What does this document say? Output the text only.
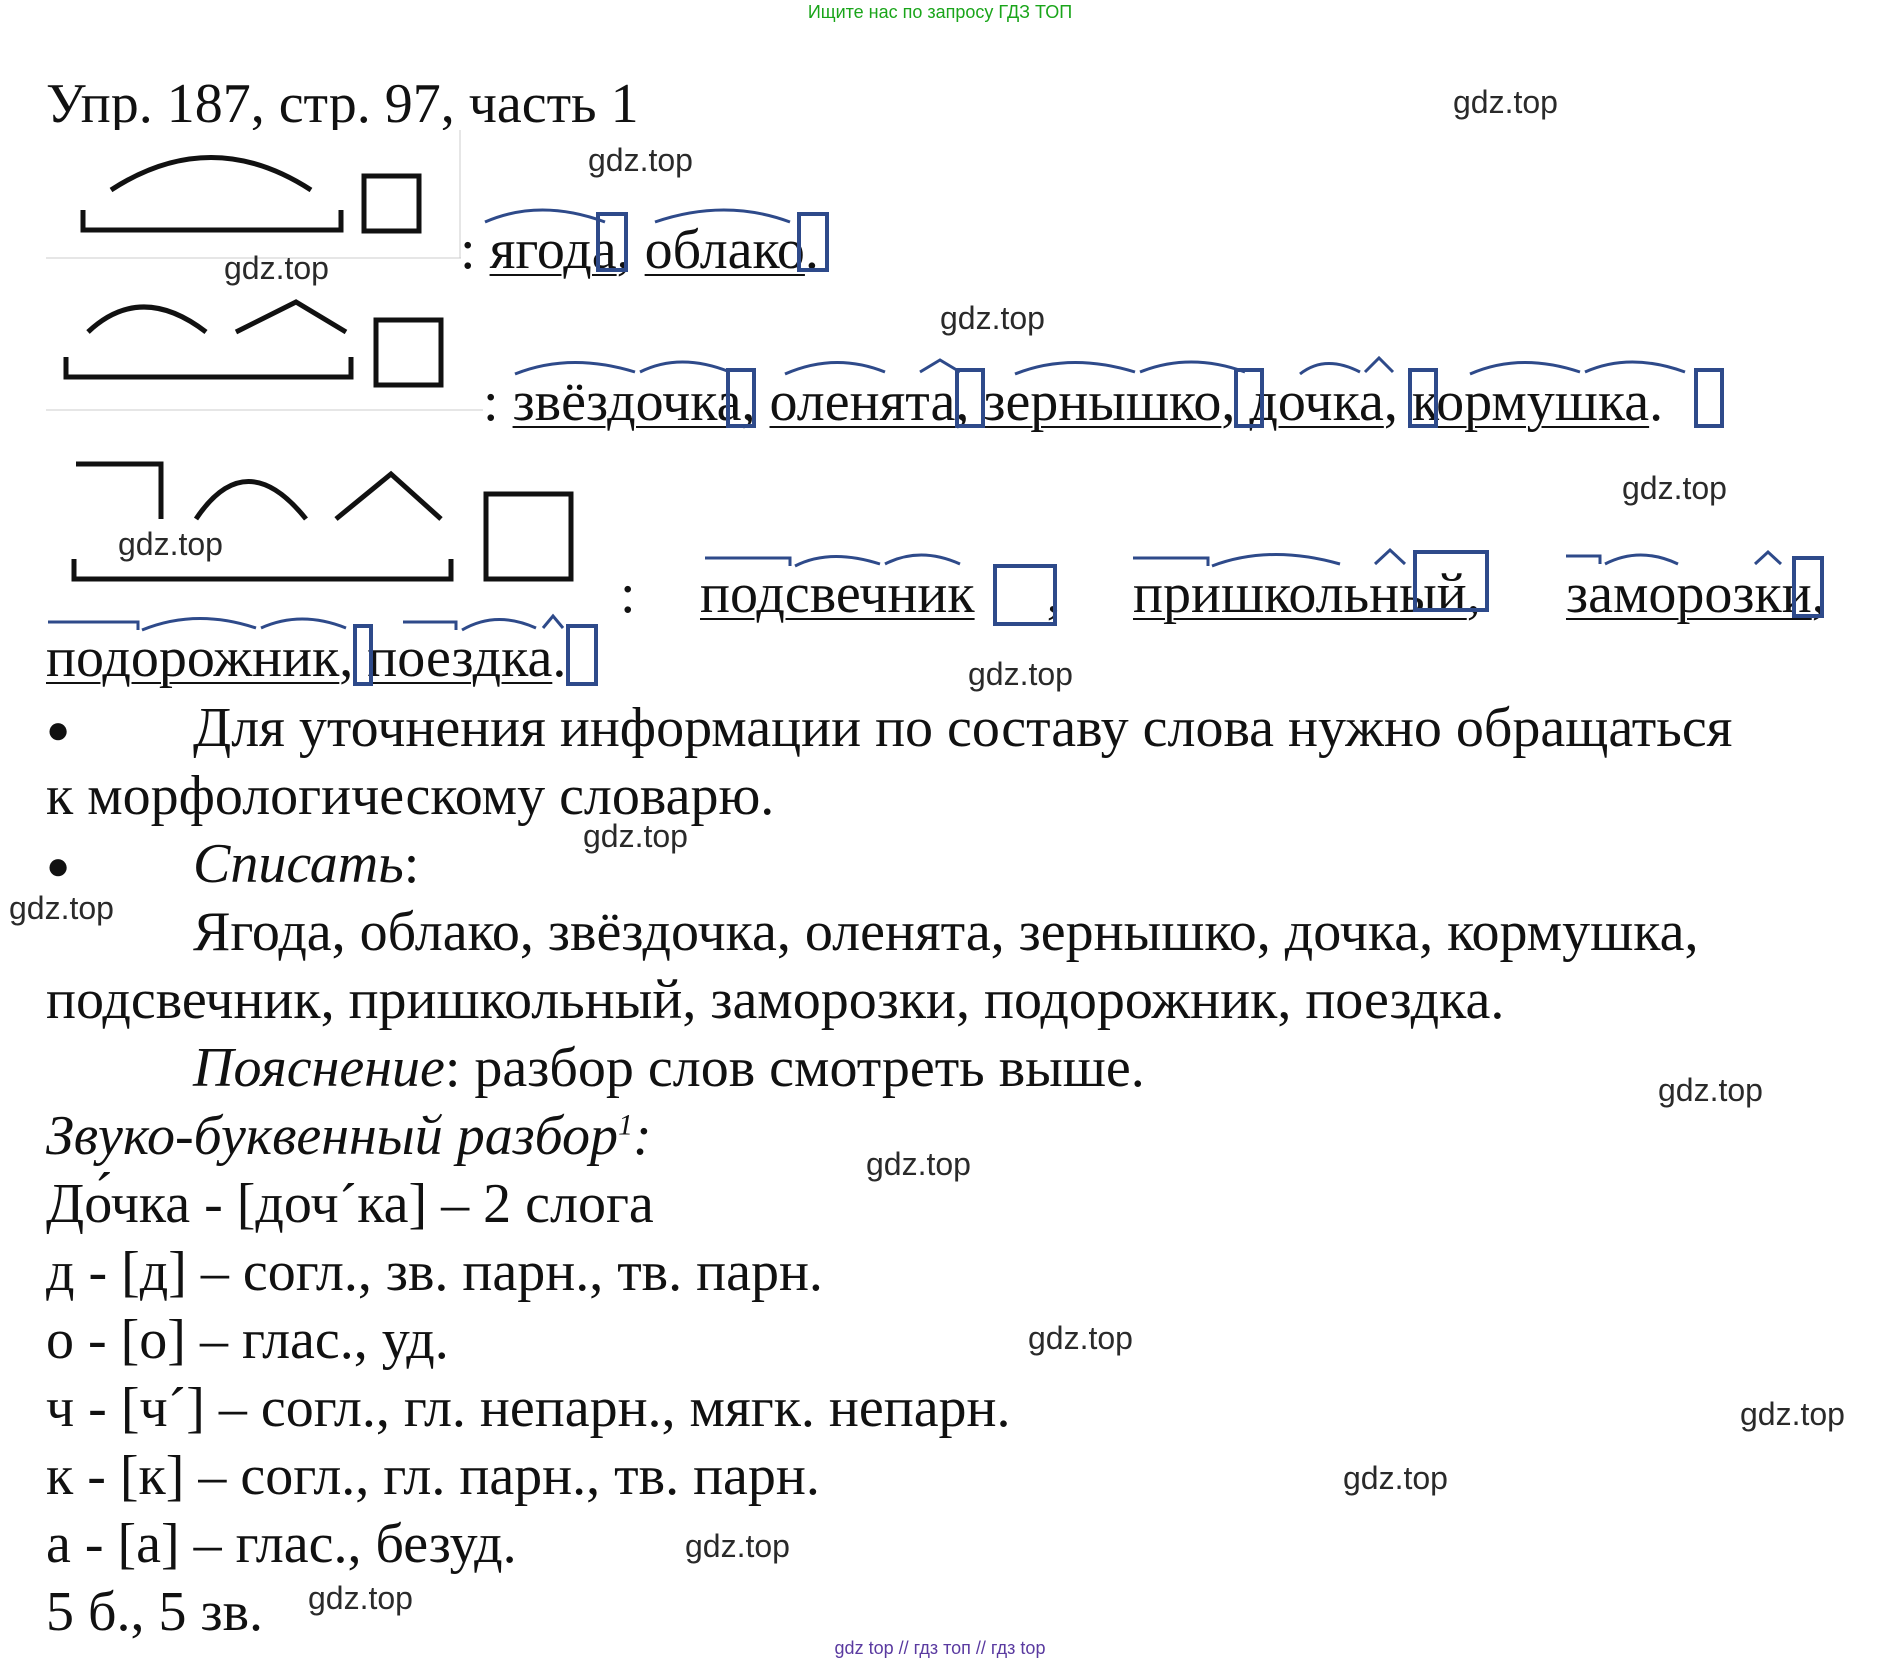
Ищите нас по запросу ГДЗ ТОП
Упр. 187, стр. 97, часть 1
: ягода, облако.
: звёздочка, оленята, зернышко, дочка, кормушка.
: подсвечник , пришкольный, заморозки,
подорожник, поездка.
● Для уточнения информации по составу слова нужно обращаться
к морфологическому словарю.
● Списать:
Ягода, облако, звёздочка, оленята, зернышко, дочка, кормушка,
подсвечник, пришкольный, заморозки, подорожник, поездка.
Пояснение: разбор слов смотреть выше.
Звуко-буквенный разбор$^1$:
До́чка - [доч´ка] – 2 слога
д - [д] – согл., зв. парн., тв. парн.
о - [о] – глас., уд.
ч - [ч´] – согл., гл. непарн., мягк. непарн.
к - [к] – согл., гл. парн., тв. парн.
а - [а] – глас., безуд.
5 б., 5 зв.
gdz.top
gdz.top
gdz.top
gdz.top
gdz.top
gdz.top
gdz.top
gdz.top
gdz.top
gdz.top
gdz.top
gdz.top
gdz.top
gdz.top
gdz.top
gdz.top
gdz top // гдз топ // гдз top
